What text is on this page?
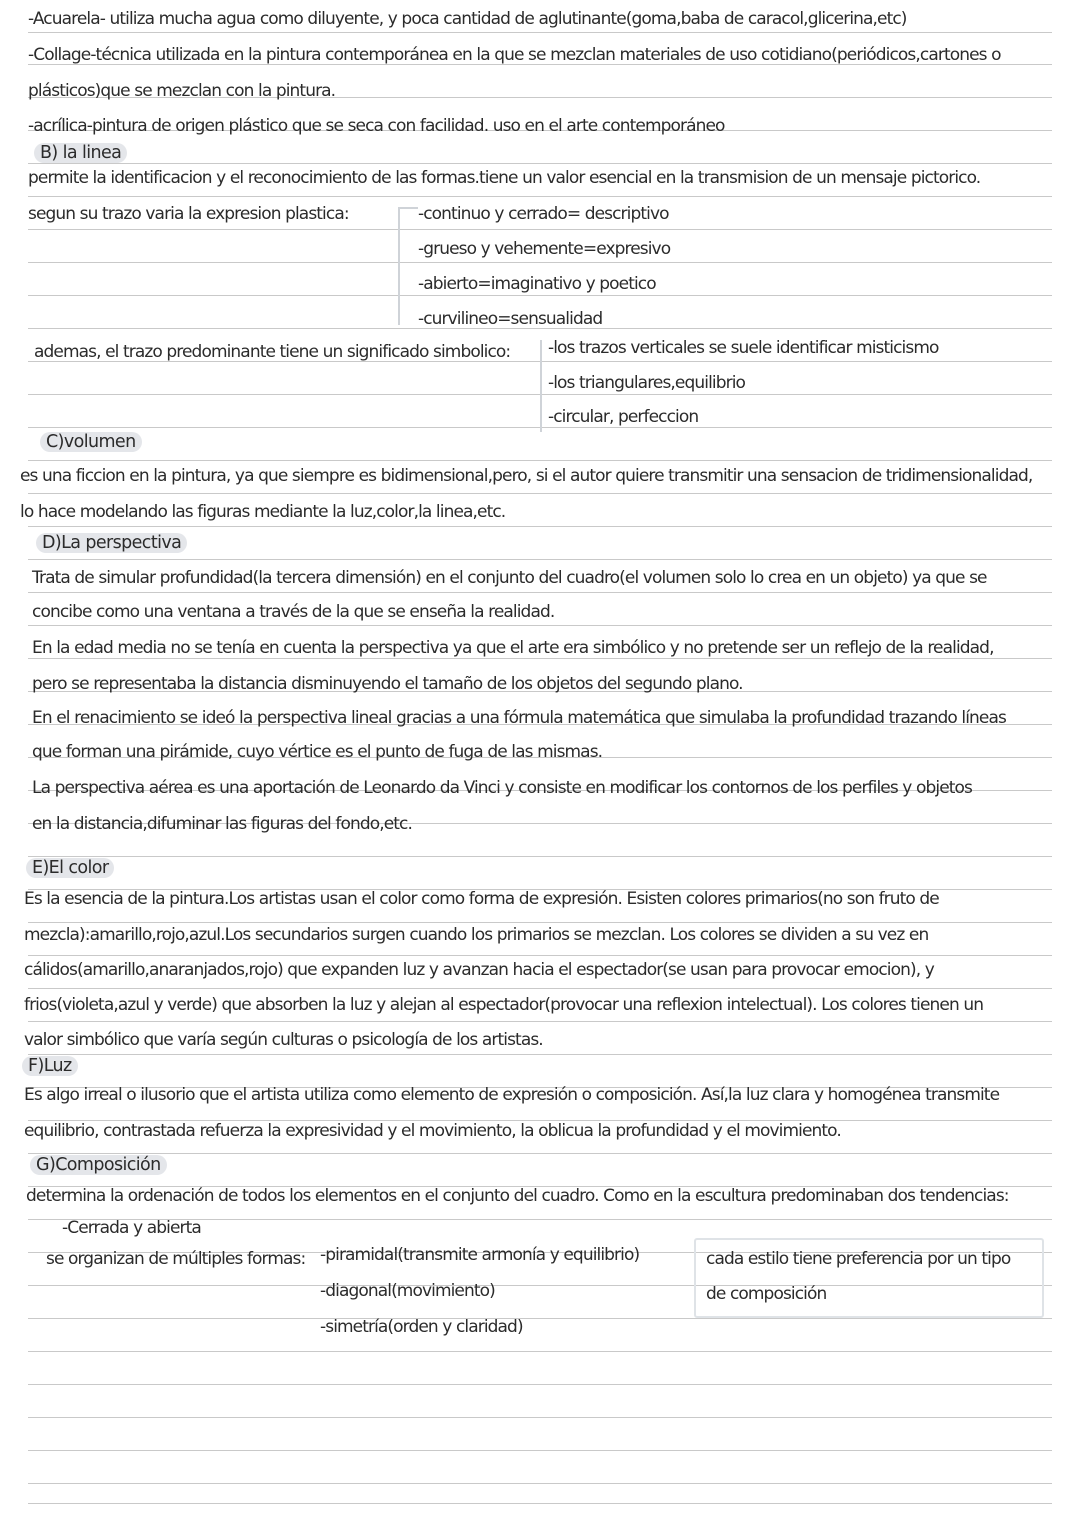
-Acuarela- utiliza mucha agua como diluyente, y poca cantidad de aglutinante(goma,baba de caracol,glicerina,etc)
-Collage-técnica utilizada en la pintura contemporánea en la que se mezclan materiales de uso cotidiano(periódicos,cartones o
plásticos)que se mezclan con la pintura.
-acrílica-pintura de origen plástico que se seca con facilidad. uso en el arte contemporáneo
B) la linea
permite la identificacion y el reconocimiento de las formas.tiene un valor esencial en la transmision de un mensaje pictorico.
segun su trazo varia la expresion plastica:	-continuo y cerrado= descriptivo
-grueso y vehemente=expresivo
-abierto=imaginativo y poetico
-curvilineo=sensualidad
ademas, el trazo predominante tiene un significado simbolico: -los trazos verticales se suele identificar misticismo
-los triangulares,equilibrio
-circular, perfeccion
C)volumen
es una ficcion en la pintura, ya que siempre es bidimensional,pero, si el autor quiere transmitir una sensacion de tridimensionalidad,
lo hace modelando las figuras mediante la luz,color,la linea,etc.
D)La perspectiva
Trata de simular profundidad(la tercera dimensión) en el conjunto del cuadro(el volumen solo lo crea en un objeto) ya que se
concibe como una ventana a través de la que se enseña la realidad.
En la edad media no se tenía en cuenta la perspectiva ya que el arte era simbólico y no pretende ser un reflejo de la realidad,
pero se representaba la distancia disminuyendo el tamaño de los objetos del segundo plano.
En el renacimiento se ideó la perspectiva lineal gracias a una fórmula matemática que simulaba la profundidad trazando líneas
que forman una pirámide, cuyo vértice es el punto de fuga de las mismas.
La perspectiva aérea es una aportación de Leonardo da Vinci y consiste en modificar los contornos de los perfiles y objetos
en la distancia,difuminar las figuras del fondo,etc.
E)El color
Es la esencia de la pintura.Los artistas usan el color como forma de expresión. Esisten colores primarios(no son fruto de
mezcla):amarillo,rojo,azul.Los secundarios surgen cuando los primarios se mezclan. Los colores se dividen a su vez en
cálidos(amarillo,anaranjados,rojo) que expanden luz y avanzan hacia el espectador(se usan para provocar emocion), y
frios(violeta,azul y verde) que absorben la luz y alejan al espectador(provocar una reflexion intelectual). Los colores tienen un
valor simbólico que varía según culturas o psicología de los artistas.
F)Luz
Es algo irreal o ilusorio que el artista utiliza como elemento de expresión o composición. Así,la luz clara y homogénea transmite
equilibrio, contrastada refuerza la expresividad y el movimiento, la oblicua la profundidad y el movimiento.
G)Composición
determina la ordenación de todos los elementos en el conjunto del cuadro. Como en la escultura predominaban dos tendencias:
-Cerrada y abierta
se organizan de múltiples formas: -piramidal(transmite armonía y equilibrio)
-diagonal(movimiento)
-simetría(orden y claridad)
cada estilo tiene preferencia por un tipo
de composición
